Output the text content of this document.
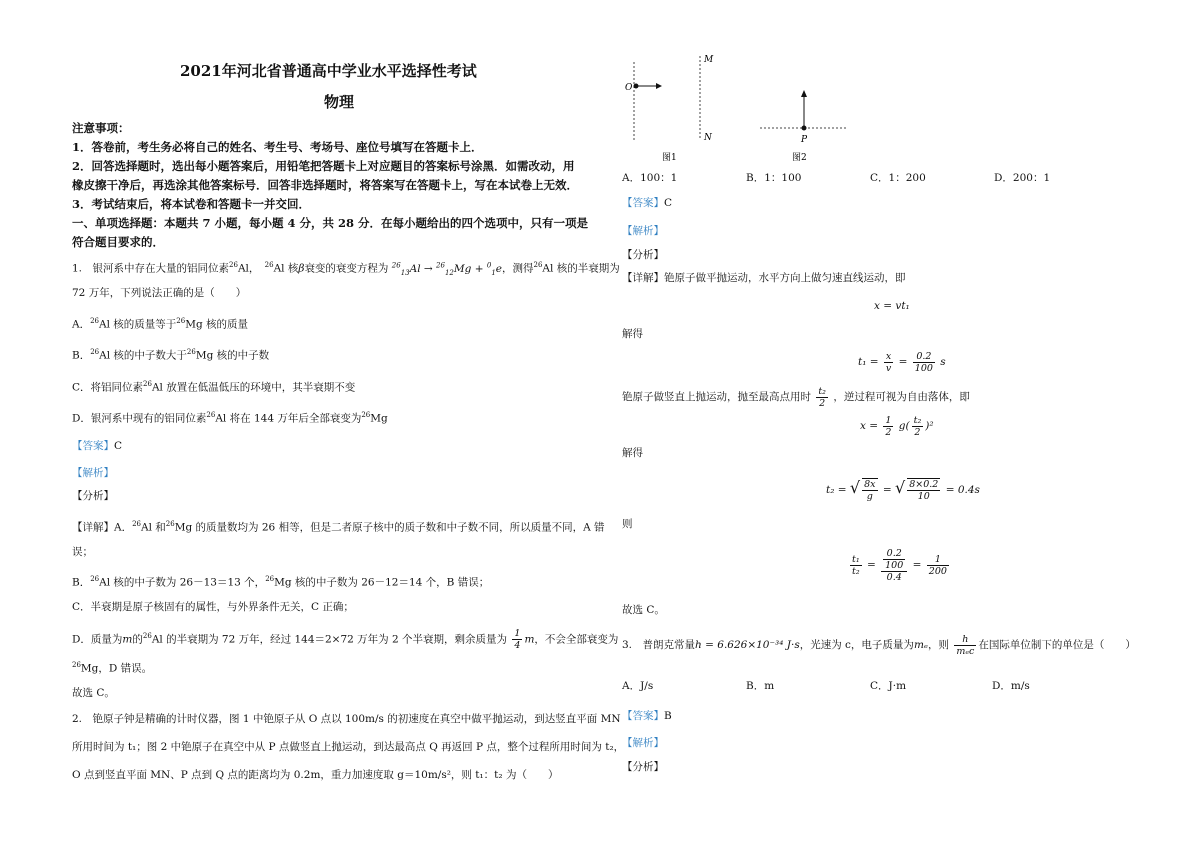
2021年河北省普通高中学业水平选择性考试
物理
注意事项：
1．答卷前，考生务必将自己的姓名、考生号、考场号、座位号填写在答题卡上．
2．回答选择题时，选出每小题答案后，用铅笔把答题卡上对应题目的答案标号涂黑．如需改动，用
橡皮擦干净后，再选涂其他答案标号．回答非选择题时，将答案写在答题卡上，写在本试卷上无效．
3．考试结束后，将本试卷和答题卡一并交回．
一、单项选择题：本题共 7 小题，每小题 4 分，共 28 分．在每小题给出的四个选项中，只有一项是
符合题目要求的．
1.　银河系中存在大量的铝同位素$^{26}$Al，　 $^{26}$Al 核β衰变的衰变方程为 $^{26}_{13}$Al → $^{26}_{12}$Mg + $^0_1$e，测得$^{26}$Al 核的半衰期为
72 万年，下列说法正确的是（　　）
A．$^{26}$Al 核的质量等于$^{26}$Mg 核的质量
B．$^{26}$Al 核的中子数大于$^{26}$Mg 核的中子数
C．将铝同位素$^{26}$Al 放置在低温低压的环境中，其半衰期不变
D．银河系中现有的铝同位素$^{26}$Al 将在 144 万年后全部衰变为$^{26}$Mg
【答案】C
【解析】
【分析】
【详解】A．$^{26}$Al 和$^{26}$Mg 的质量数均为 26 相等，但是二者原子核中的质子数和中子数不同，所以质量不同，A 错
误；
B．$^{26}$Al 核的中子数为 26－13＝13 个，$^{26}$Mg 核的中子数为 26－12＝14 个，B 错误；
C．半衰期是原子核固有的属性，与外界条件无关，C 正确；
D．质量为m的$^{26}$Al 的半衰期为 72 万年，经过 144＝2×72 万年为 2 个半衰期，剩余质量为 $\frac{1}{4}$ m，不会全部衰变为
$^{26}$Mg，D 错误。
故选 C。
2.　铯原子钟是精确的计时仪器，图 1 中铯原子从 O 点以 100m/s 的初速度在真空中做平抛运动，到达竖直平面 MN
所用时间为 t₁；图 2 中铯原子在真空中从 P 点做竖直上抛运动，到达最高点 Q 再返回 P 点，整个过程所用时间为 t₂，
O 点到竖直平面 MN、P 点到 Q 点的距离均为 0.2m，重力加速度取 g＝10m/s²，则 t₁：t₂ 为（　　）
O
M
N	P
图1	图2
A．100：1	B．1：100	C．1：200	D．200：1
【答案】C
【解析】
【分析】
【详解】铯原子做平抛运动，水平方向上做匀速直线运动，即
x = vt₁
解得
$t_1 = \frac{x}{v} = \frac{0.2}{100}$ s
铯原子做竖直上抛运动，抛至最高点用时 $\frac{\text{t₂}}{2}$ ，逆过程可视为自由落体，即
$x = \frac{1}{2} g( \frac{\text{t₂}}{2} )^2$
解得
t₂ = √ $\frac{8x}{g}$ = √ $\frac{8\times 0.2}{10} = 0.4s$
则
$\frac{\text{t₁}}{\text{t₂}} = \frac{\frac{0.2}{100}}{0.4} = \frac{1}{200}$
故选 C。
3.　普朗克常量h = 6.626×10⁻³⁴ J·s，光速为 c，电子质量为mₑ，则 $\frac{h}{\text{mₑc}}$ 在国际单位制下的单位是（　　）
A．J/s	B．m	C．J·m	D．m/s
【答案】B
【解析】
【分析】
